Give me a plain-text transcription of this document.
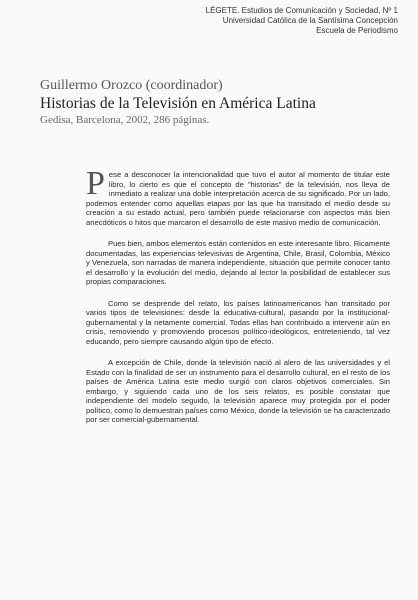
LÉGETE. Estudios de Comunicación y Sociedad, Nº 1
Universidad Católica de la Santísima Concepción
Escuela de Periodismo
Guillermo Orozco (coordinador)
Historias de la Televisión en América Latina
Gedisa, Barcelona, 2002, 286 páginas.

Pese a desconocer la intencionalidad que tuvo el autor al momento de titular este libro, lo cierto es que el concepto de "historias" de la televisión, nos lleva de inmediato a realizar una doble interpretación acerca de su significado. Por un lado, podemos entender como aquellas etapas por las que ha transitado el medio desde su creación a su estado actual, pero también puede relacionarse con aspectos más bien anecdóticos o hitos que marcaron el desarrollo de este masivo medio de comunicación.

Pues bien, ambos elementos están contenidos en este interesante libro. Ricamente documentadas, las experiencias televisivas de Argentina, Chile, Brasil, Colombia, México y Venezuela, son narradas de manera independiente, situación que permite conocer tanto el desarrollo y la evolución del medio, dejando al lector la posibilidad de establecer sus propias comparaciones.

Como se desprende del relato, los países latinoamericanos han transitado por varios tipos de televisiones: desde la educativa-cultural, pasando por la institucional-gubernamental y la netamente comercial. Todas ellas han contribuido a intervenir aún en crisis, removiendo y promoviendo procesos político-ideológicos, entreteniendo, tal vez educando, pero siempre causando algún tipo de efecto.

A excepción de Chile, donde la televisión nació al alero de las universidades y el Estado con la finalidad de ser un instrumento para el desarrollo cultural, en el resto de los países de América Latina este medio surgió con claros objetivos comerciales. Sin embargo, y siguiendo cada uno de los seis relatos, es posible constatar que independiente del modelo seguido, la televisión aparece muy protegida por el poder político, como lo demuestran países como México, donde la televisión se ha caracterizado por ser comercial-gubernamental.
